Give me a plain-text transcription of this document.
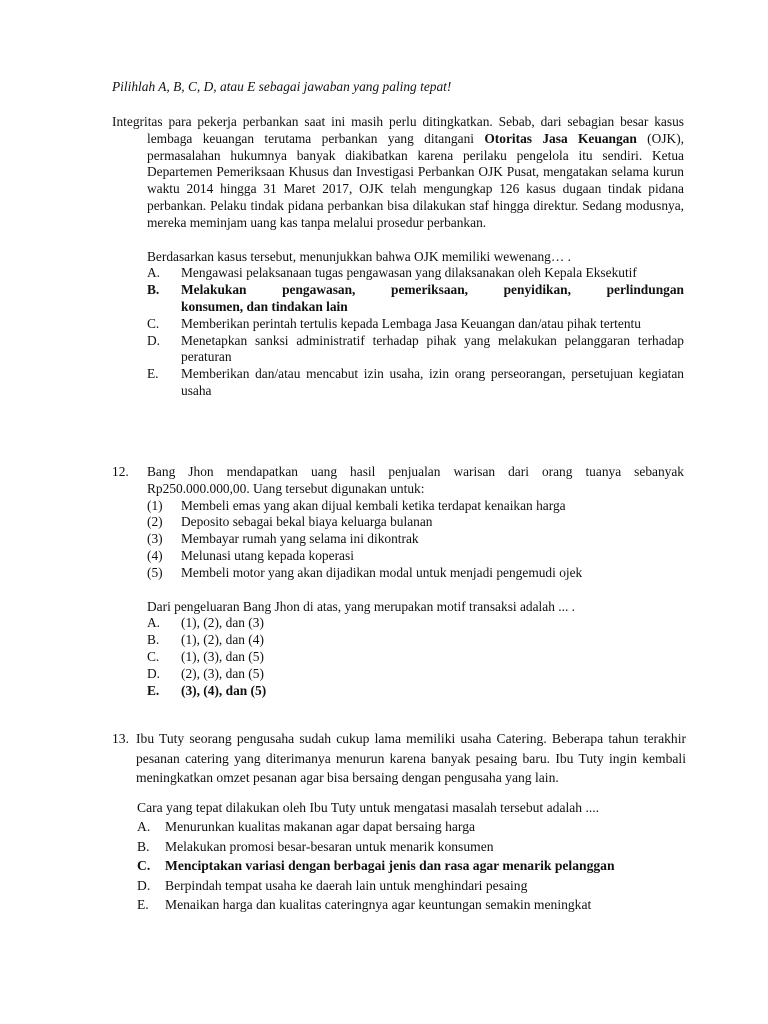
Pilihlah A, B, C, D, atau E sebagai jawaban yang paling tepat!
Integritas para pekerja perbankan saat ini masih perlu ditingkatkan. Sebab, dari sebagian besar kasus lembaga keuangan terutama perbankan yang ditangani Otoritas Jasa Keuangan (OJK), permasalahan hukumnya banyak diakibatkan karena perilaku pengelola itu sendiri. Ketua Departemen Pemeriksaan Khusus dan Investigasi Perbankan OJK Pusat, mengatakan selama kurun waktu 2014 hingga 31 Maret 2017, OJK telah mengungkap 126 kasus dugaan tindak pidana perbankan. Pelaku tindak pidana perbankan bisa dilakukan staf hingga direktur. Sedang modusnya, mereka meminjam uang kas tanpa melalui prosedur perbankan.
Berdasarkan kasus tersebut, menunjukkan bahwa OJK memiliki wewenang… .
A.	Mengawasi pelaksanaan tugas pengawasan yang dilaksanakan oleh Kepala Eksekutif
B.	Melakukan pengawasan, pemeriksaan, penyidikan, perlindungan
konsumen, dan tindakan lain
C.	Memberikan perintah tertulis kepada Lembaga Jasa Keuangan dan/atau pihak tertentu
D.	Menetapkan sanksi administratif terhadap pihak yang melakukan pelanggaran terhadap peraturan
E.	Memberikan dan/atau mencabut izin usaha, izin orang perseorangan, persetujuan kegiatan usaha
12.	Bang Jhon mendapatkan uang hasil penjualan warisan dari orang tuanya sebanyak Rp250.000.000,00. Uang tersebut digunakan untuk:
(1)	Membeli emas yang akan dijual kembali ketika terdapat kenaikan harga
(2)	Deposito sebagai bekal biaya keluarga bulanan
(3)	Membayar rumah yang selama ini dikontrak
(4)	Melunasi utang kepada koperasi
(5)	Membeli motor yang akan dijadikan modal untuk menjadi pengemudi ojek
Dari pengeluaran Bang Jhon di atas, yang merupakan motif transaksi adalah ... .
A.	(1), (2), dan (3)
B.	(1), (2), dan (4)
C.	(1), (3), dan (5)
D.	(2), (3), dan (5)
E.	(3), (4), dan (5)
13. Ibu Tuty seorang pengusaha sudah cukup lama memiliki usaha Catering. Beberapa tahun terakhir pesanan catering yang diterimanya menurun karena banyak pesaing baru. Ibu Tuty ingin kembali meningkatkan omzet pesanan agar bisa bersaing dengan pengusaha yang lain.
Cara yang tepat dilakukan oleh Ibu Tuty untuk mengatasi masalah tersebut adalah ....
A.	Menurunkan kualitas makanan agar dapat bersaing harga
B.	Melakukan promosi besar-besaran untuk menarik konsumen
C.	Menciptakan variasi dengan berbagai jenis dan rasa agar menarik pelanggan
D.	Berpindah tempat usaha ke daerah lain untuk menghindari pesaing
E.	Menaikan harga dan kualitas cateringnya agar keuntungan semakin meningkat
